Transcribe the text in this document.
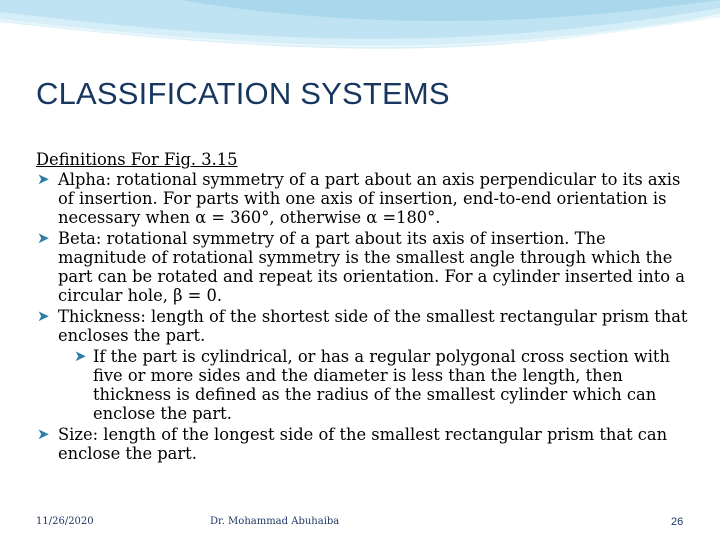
CLASSIFICATION SYSTEMS
Definitions For Fig. 3.15
➤ Alpha: rotational symmetry of a part about an axis perpendicular to its axis of insertion. For parts with one axis of insertion, end-to-end orientation is necessary when α = 360°, otherwise α =180°.
➤ Beta: rotational symmetry of a part about its axis of insertion. The magnitude of rotational symmetry is the smallest angle through which the part can be rotated and repeat its orientation. For a cylinder inserted into a circular hole, β = 0.
➤ Thickness: length of the shortest side of the smallest rectangular prism that encloses the part.
➤ If the part is cylindrical, or has a regular polygonal cross section with five or more sides and the diameter is less than the length, then thickness is defined as the radius of the smallest cylinder which can enclose the part.
➤ Size: length of the longest side of the smallest rectangular prism that can enclose the part.
11/26/2020	Dr. Mohammad Abuhaiba	26
